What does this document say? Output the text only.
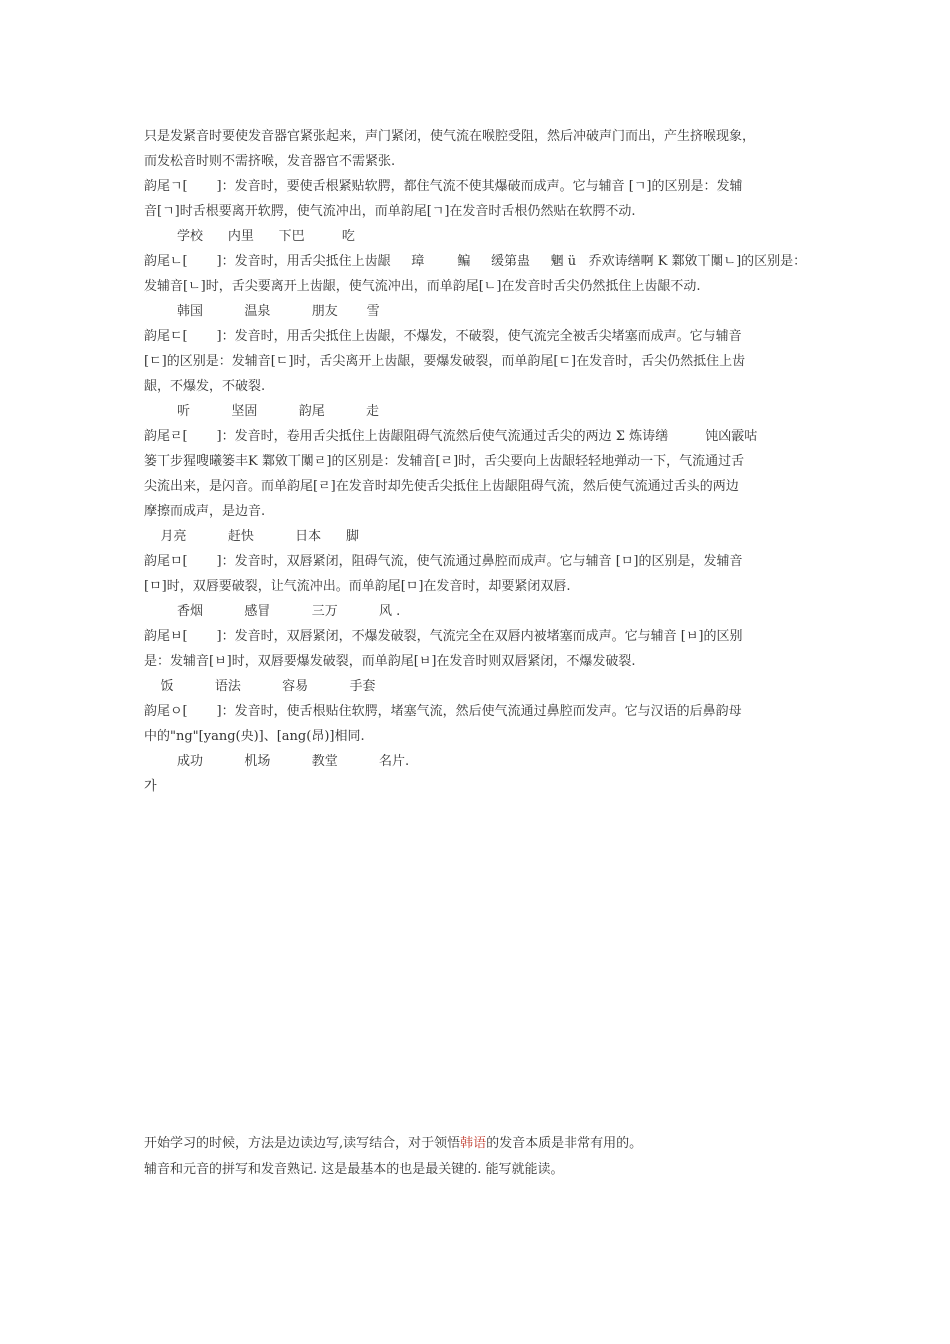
只是发紧音时要使发音器官紧张起来，声门紧闭，使气流在喉腔受阻，然后冲破声门而出，产生挤喉现象，
而发松音时则不需挤喉，发音器官不需紧张.
韵尾ㄱ[       ]：发音时，要使舌根紧贴软腭，都住气流不使其爆破而成声。它与辅音 [ㄱ]的区别是：发辅
音[ㄱ]时舌根要离开软腭，使气流冲出，而单韵尾[ㄱ]在发音时舌根仍然贴在软腭不动.
学校      内里      下巴         吃
韵尾ㄴ[       ]：发音时，用舌尖抵住上齿龈     璋        鳊     缓第蛊     魍 ü   乔欢诪缮啊 K 鄴敓丅闑ㄴ]的区别是：
发辅音[ㄴ]时，舌尖要离开上齿龈，使气流冲出，而单韵尾[ㄴ]在发音时舌尖仍然抵住上齿龈不动.
韩国          温泉          朋友       雪
韵尾ㄷ[       ]：发音时，用舌尖抵住上齿龈，不爆发，不破裂，使气流完全被舌尖堵塞而成声。它与辅音
[ㄷ]的区别是：发辅音[ㄷ]时，舌尖离开上齿龈，要爆发破裂，而单韵尾[ㄷ]在发音时，舌尖仍然抵住上齿
龈，不爆发，不破裂.
听          坚固          韵尾          走
韵尾ㄹ[       ]：发音时，卷用舌尖抵住上齿龈阻碍气流然后使气流通过舌尖的两边 Σ 炼诪缮         饨凶霰咕
篓丅步猩嗖曦篓丰K 鄴敓丅闑ㄹ]的区别是：发辅音[ㄹ]时，舌尖要向上齿龈轻轻地弹动一下，气流通过舌
尖流出来，是闪音。而单韵尾[ㄹ]在发音时却先使舌尖抵住上齿龈阻碍气流，然后使气流通过舌头的两边
摩擦而成声，是边音.
月亮          赶快          日本      脚
韵尾ㅁ[       ]：发音时，双唇紧闭，阻碍气流，使气流通过鼻腔而成声。它与辅音 [ㅁ]的区别是，发辅音
[ㅁ]时，双唇要破裂，让气流冲出。而单韵尾[ㅁ]在发音时，却要紧闭双唇.
香烟          感冒          三万          风 .
韵尾ㅂ[       ]：发音时，双唇紧闭，不爆发破裂，气流完全在双唇内被堵塞而成声。它与辅音 [ㅂ]的区别
是：发辅音[ㅂ]时，双唇要爆发破裂，而单韵尾[ㅂ]在发音时则双唇紧闭，不爆发破裂.
饭          语法          容易          手套
韵尾ㅇ[       ]：发音时，使舌根贴住软腭，堵塞气流，然后使气流通过鼻腔而发声。它与汉语的后鼻韵母
中的"ng"[yang(央)]、[ang(昂)]相同.
成功          机场          教堂          名片.
가
开始学习的时候，方法是边读边写,读写结合，对于领悟韩语的发音本质是非常有用的。
辅音和元音的拼写和发音熟记. 这是最基本的也是最关键的. 能写就能读。
